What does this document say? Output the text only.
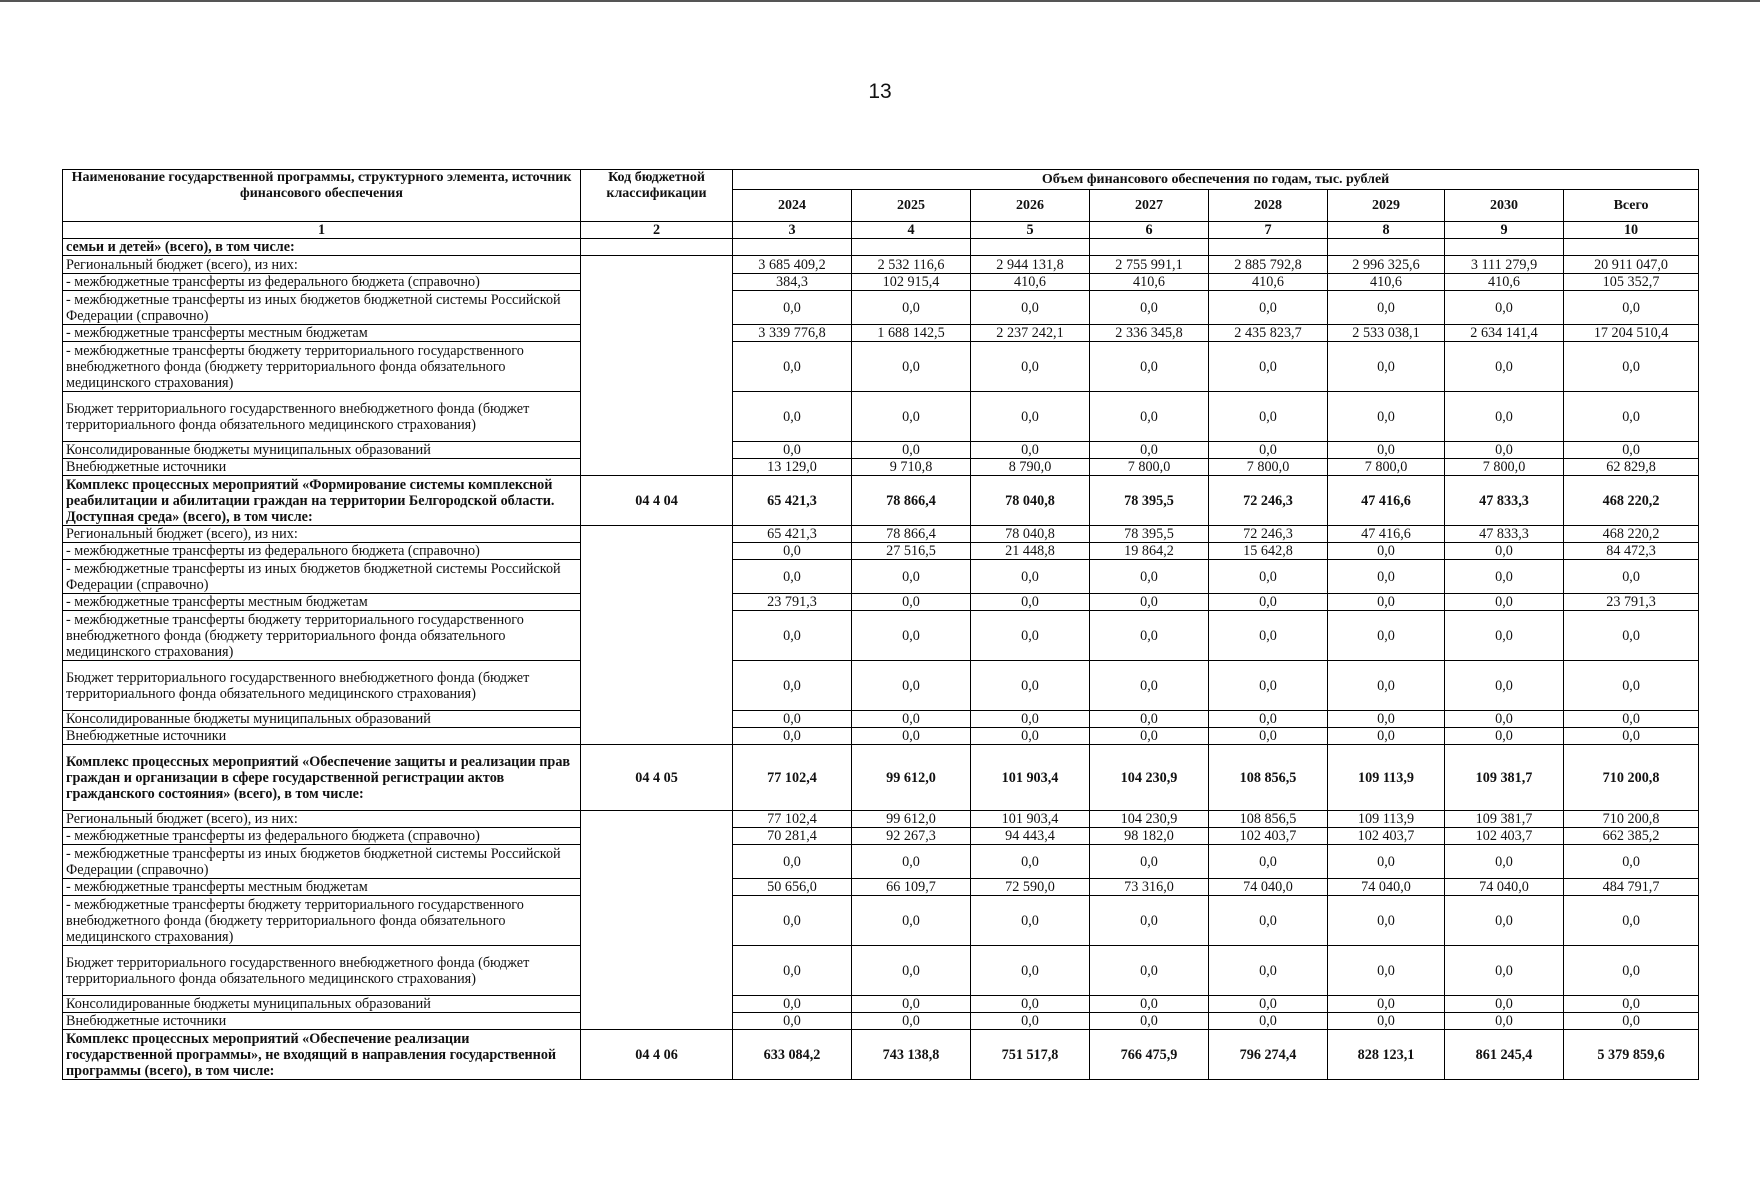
13
Наименование государственной программы, структурного элемента, источник финансового обеспечения	Код бюджетной классификации	Объем финансового обеспечения по годам, тыс. рублей							
		2024	2025	2026	2027	2028	2029	2030	Всего
1	2	3	4	5	6	7	8	9	10
семьи и детей» (всего), в том числе:									
Региональный бюджет (всего), из них:		3 685 409,2	2 532 116,6	2 944 131,8	2 755 991,1	2 885 792,8	2 996 325,6	3 111 279,9	20 911 047,0
- межбюджетные трансферты из федерального бюджета (справочно)		384,3	102 915,4	410,6	410,6	410,6	410,6	410,6	105 352,7
- межбюджетные трансферты из иных бюджетов бюджетной системы Российской Федерации (справочно)		0,0	0,0	0,0	0,0	0,0	0,0	0,0	0,0
- межбюджетные трансферты местным бюджетам		3 339 776,8	1 688 142,5	2 237 242,1	2 336 345,8	2 435 823,7	2 533 038,1	2 634 141,4	17 204 510,4
- межбюджетные трансферты бюджету территориального государственного внебюджетного фонда (бюджету территориального фонда обязательного медицинского страхования)		0,0	0,0	0,0	0,0	0,0	0,0	0,0	0,0
Бюджет территориального государственного внебюджетного фонда (бюджет территориального фонда обязательного медицинского страхования)		0,0	0,0	0,0	0,0	0,0	0,0	0,0	0,0
Консолидированные бюджеты муниципальных образований		0,0	0,0	0,0	0,0	0,0	0,0	0,0	0,0
Внебюджетные источники		13 129,0	9 710,8	8 790,0	7 800,0	7 800,0	7 800,0	7 800,0	62 829,8
Комплекс процессных мероприятий «Формирование системы комплексной реабилитации и абилитации граждан на территории Белгородской области. Доступная среда» (всего), в том числе:	04 4 04	65 421,3	78 866,4	78 040,8	78 395,5	72 246,3	47 416,6	47 833,3	468 220,2
Региональный бюджет (всего), из них:		65 421,3	78 866,4	78 040,8	78 395,5	72 246,3	47 416,6	47 833,3	468 220,2
- межбюджетные трансферты из федерального бюджета (справочно)		0,0	27 516,5	21 448,8	19 864,2	15 642,8	0,0	0,0	84 472,3
- межбюджетные трансферты из иных бюджетов бюджетной системы Российской Федерации (справочно)		0,0	0,0	0,0	0,0	0,0	0,0	0,0	0,0
- межбюджетные трансферты местным бюджетам		23 791,3	0,0	0,0	0,0	0,0	0,0	0,0	23 791,3
- межбюджетные трансферты бюджету территориального государственного внебюджетного фонда (бюджету территориального фонда обязательного медицинского страхования)		0,0	0,0	0,0	0,0	0,0	0,0	0,0	0,0
Бюджет территориального государственного внебюджетного фонда (бюджет территориального фонда обязательного медицинского страхования)		0,0	0,0	0,0	0,0	0,0	0,0	0,0	0,0
Консолидированные бюджеты муниципальных образований		0,0	0,0	0,0	0,0	0,0	0,0	0,0	0,0
Внебюджетные источники		0,0	0,0	0,0	0,0	0,0	0,0	0,0	0,0
Комплекс процессных мероприятий «Обеспечение защиты и реализации прав граждан и организации в сфере государственной регистрации актов гражданского состояния» (всего), в том числе:	04 4 05	77 102,4	99 612,0	101 903,4	104 230,9	108 856,5	109 113,9	109 381,7	710 200,8
Региональный бюджет (всего), из них:		77 102,4	99 612,0	101 903,4	104 230,9	108 856,5	109 113,9	109 381,7	710 200,8
- межбюджетные трансферты из федерального бюджета (справочно)		70 281,4	92 267,3	94 443,4	98 182,0	102 403,7	102 403,7	102 403,7	662 385,2
- межбюджетные трансферты из иных бюджетов бюджетной системы Российской Федерации (справочно)		0,0	0,0	0,0	0,0	0,0	0,0	0,0	0,0
- межбюджетные трансферты местным бюджетам		50 656,0	66 109,7	72 590,0	73 316,0	74 040,0	74 040,0	74 040,0	484 791,7
- межбюджетные трансферты бюджету территориального государственного внебюджетного фонда (бюджету территориального фонда обязательного медицинского страхования)		0,0	0,0	0,0	0,0	0,0	0,0	0,0	0,0
Бюджет территориального государственного внебюджетного фонда (бюджет территориального фонда обязательного медицинского страхования)		0,0	0,0	0,0	0,0	0,0	0,0	0,0	0,0
Консолидированные бюджеты муниципальных образований		0,0	0,0	0,0	0,0	0,0	0,0	0,0	0,0
Внебюджетные источники		0,0	0,0	0,0	0,0	0,0	0,0	0,0	0,0
Комплекс процессных мероприятий «Обеспечение реализации государственной программы», не входящий в направления государственной программы (всего), в том числе:	04 4 06	633 084,2	743 138,8	751 517,8	766 475,9	796 274,4	828 123,1	861 245,4	5 379 859,6
